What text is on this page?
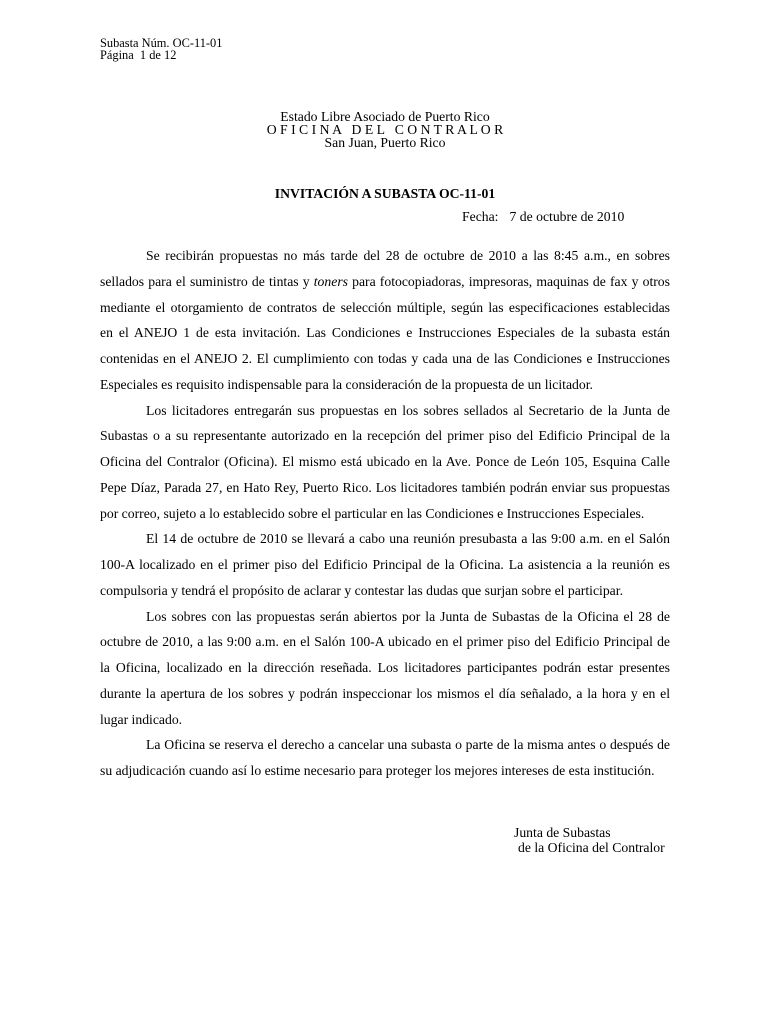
Subasta Núm. OC-11-01
Página  1 de 12
Estado Libre Asociado de Puerto Rico
O F I C I N A   D E L   C O N T R A L O R
San Juan, Puerto Rico
INVITACIÓN A SUBASTA OC-11-01
Fecha: 7 de octubre de 2010
Se recibirán propuestas no más tarde del 28 de octubre de 2010 a las 8:45 a.m., en sobres
sellados para el suministro de tintas y toners para fotocopiadoras, impresoras, maquinas de fax y otros
mediante el otorgamiento de contratos de selección múltiple, según las especificaciones establecidas
en el ANEJO 1 de esta invitación. Las Condiciones e Instrucciones Especiales de la subasta están
contenidas en el ANEJO 2. El cumplimiento con todas y cada una de las Condiciones e Instrucciones
Especiales es requisito indispensable para la consideración de la propuesta de un licitador.
Los licitadores entregarán sus propuestas en los sobres sellados al Secretario de la Junta de
Subastas o a su representante autorizado en la recepción del primer piso del Edificio Principal de la
Oficina del Contralor (Oficina). El mismo está ubicado en la Ave. Ponce de León 105, Esquina Calle
Pepe Díaz, Parada 27, en Hato Rey, Puerto Rico. Los licitadores también podrán enviar sus propuestas
por correo, sujeto a lo establecido sobre el particular en las Condiciones e Instrucciones Especiales.
El 14 de octubre de 2010 se llevará a cabo una reunión presubasta a las 9:00 a.m. en el Salón
100-A localizado en el primer piso del Edificio Principal de la Oficina. La asistencia a la reunión es
compulsoria y tendrá el propósito de aclarar y contestar las dudas que surjan sobre el participar.
Los sobres con las propuestas serán abiertos por la Junta de Subastas de la Oficina el 28 de
octubre de 2010, a las 9:00 a.m. en el Salón 100-A ubicado en el primer piso del Edificio Principal de
la Oficina, localizado en la dirección reseñada. Los licitadores participantes podrán estar presentes
durante la apertura de los sobres y podrán inspeccionar los mismos el día señalado, a la hora y en el
lugar indicado.
La Oficina se reserva el derecho a cancelar una subasta o parte de la misma antes o después de
su adjudicación cuando así lo estime necesario para proteger los mejores intereses de esta institución.
Junta de Subastas
de la Oficina del Contralor
